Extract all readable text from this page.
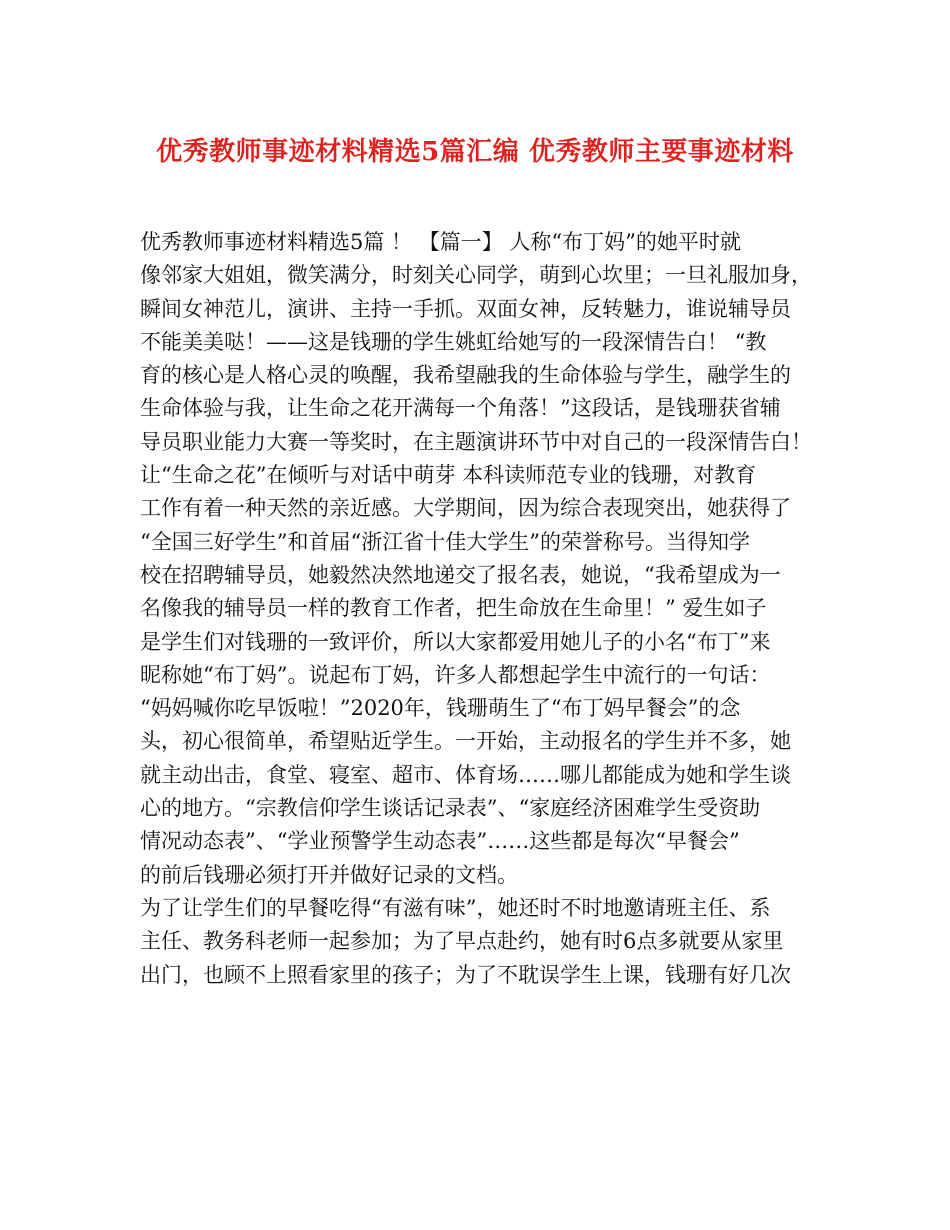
优秀教师事迹材料精选5篇汇编 优秀教师主要事迹材料
优秀教师事迹材料精选5篇 ！ 【篇一】 人称“布丁妈”的她平时就
像邻家大姐姐，微笑满分，时刻关心同学，萌到心坎里；一旦礼服加身，
瞬间女神范儿，演讲、主持一手抓。双面女神，反转魅力，谁说辅导员
不能美美哒！——这是钱珊的学生姚虹给她写的一段深情告白！ “教
育的核心是人格心灵的唤醒，我希望融我的生命体验与学生，融学生的
生命体验与我，让生命之花开满每一个角落！”这段话，是钱珊获省辅
导员职业能力大赛一等奖时，在主题演讲环节中对自己的一段深情告白！
让“生命之花”在倾听与对话中萌芽 本科读师范专业的钱珊，对教育
工作有着一种天然的亲近感。大学期间，因为综合表现突出，她获得了
“全国三好学生”和首届“浙江省十佳大学生”的荣誉称号。当得知学
校在招聘辅导员，她毅然决然地递交了报名表，她说，“我希望成为一
名像我的辅导员一样的教育工作者，把生命放在生命里！” 爱生如子
是学生们对钱珊的一致评价，所以大家都爱用她儿子的小名“布丁”来
昵称她“布丁妈”。说起布丁妈，许多人都想起学生中流行的一句话：
“妈妈喊你吃早饭啦！”2020年，钱珊萌生了“布丁妈早餐会”的念
头，初心很简单，希望贴近学生。一开始，主动报名的学生并不多，她
就主动出击，食堂、寝室、超市、体育场……哪儿都能成为她和学生谈
心的地方。“宗教信仰学生谈话记录表”、“家庭经济困难学生受资助
情况动态表”、“学业预警学生动态表”……这些都是每次“早餐会”
的前后钱珊必须打开并做好记录的文档。
为了让学生们的早餐吃得“有滋有味”，她还时不时地邀请班主任、系
主任、教务科老师一起参加；为了早点赴约，她有时6点多就要从家里
出门，也顾不上照看家里的孩子；为了不耽误学生上课，钱珊有好几次
